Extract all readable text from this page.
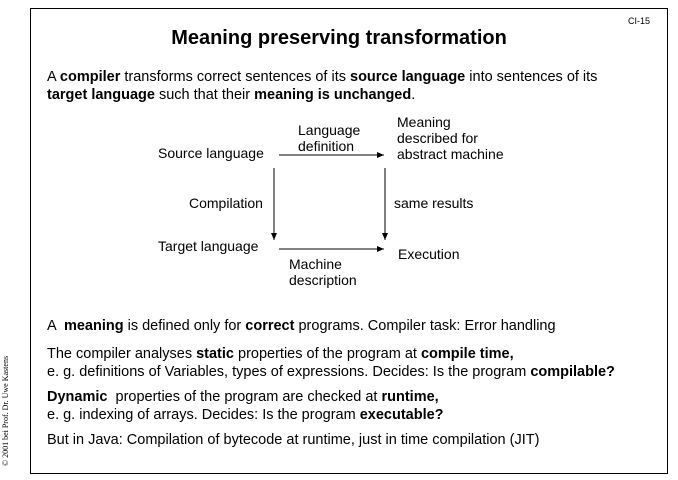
CI-15
Meaning preserving transformation
A compiler transforms correct sentences of its source language into sentences of its
target language such that their meaning is unchanged.
Source language
Language
definition
Meaning
described for
abstract machine
Compilation	same results
Target language	Execution
Machine
description
A  meaning is defined only for correct programs. Compiler task: Error handling
The compiler analyses static properties of the program at compile time,
e. g. definitions of Variables, types of expressions. Decides: Is the program compilable?
Dynamic  properties of the program are checked at runtime,
e. g. indexing of arrays. Decides: Is the program executable?
But in Java: Compilation of bytecode at runtime, just in time compilation (JIT)
© 2001 bei Prof. Dr. Uwe Kastens
